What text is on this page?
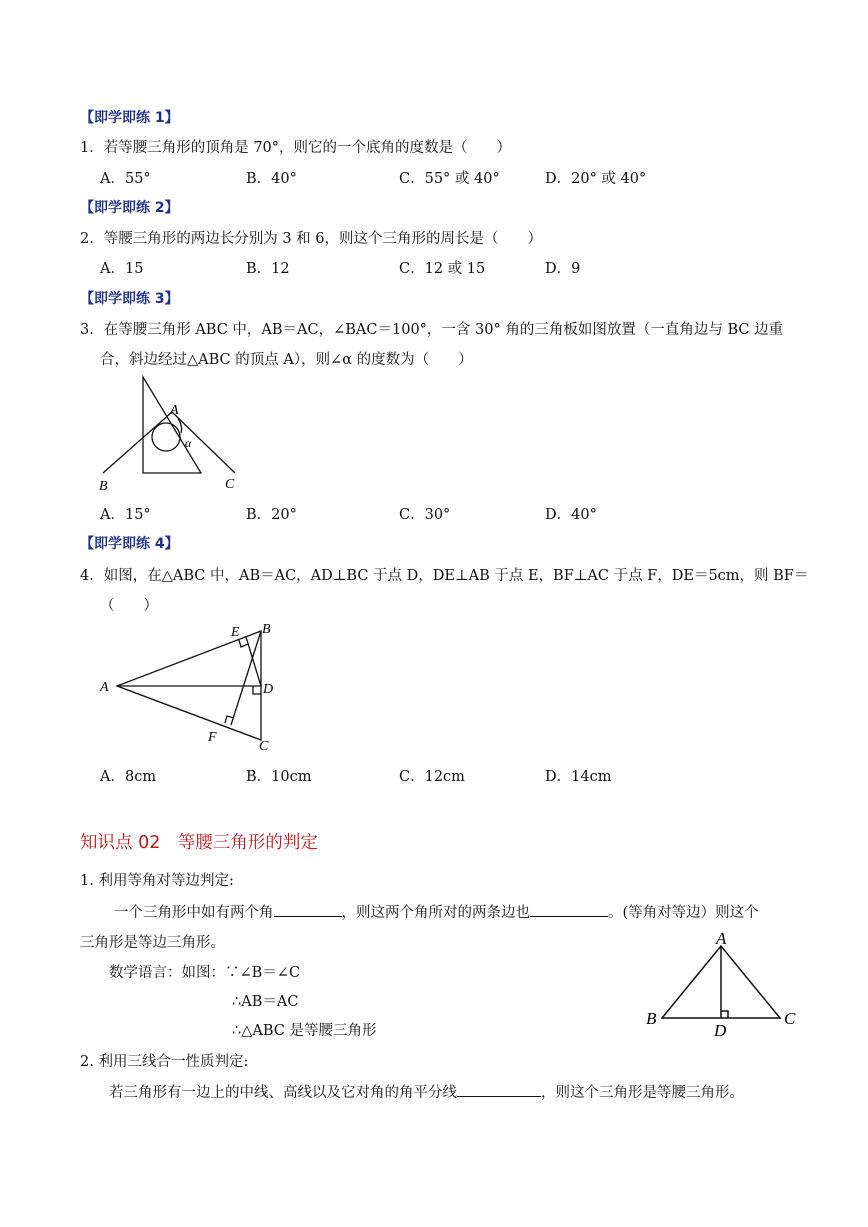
【即学即练 1】
1．若等腰三角形的顶角是 70°，则它的一个底角的度数是（　　）
A．55°	B．40°	C．55° 或 40°	D．20° 或 40°
【即学即练 2】
2．等腰三角形的两边长分别为 3 和 6，则这个三角形的周长是（　　）
A．15	B．12	C．12 或 15	D．9
【即学即练 3】
3．在等腰三角形 ABC 中，AB＝AC，∠BAC＝100°，一含 30° 角的三角板如图放置（一直角边与 BC 边重
合，斜边经过△ABC 的顶点 A），则∠α 的度数为（　　）
A
α
B	C
A．15°	B．20°	C．30°	D．40°
【即学即练 4】
4．如图，在△ABC 中，AB＝AC，AD⊥BC 于点 D，DE⊥AB 于点 E，BF⊥AC 于点 F，DE＝5cm，则 BF＝
（　　）
E B
A	D
F
C
A．8cm	B．10cm	C．12cm	D．14cm
知识点 02　等腰三角形的判定
1. 利用等角对等边判定:
一个三角形中如有两个角	，则这两个角所对的两条边也	。(等角对等边）则这个
三角形是等边三角形。
数学语言：如图：∵∠B＝∠C
∴AB＝AC
∴△ABC 是等腰三角形
A
B	C
D
2. 利用三线合一性质判定:
若三角形有一边上的中线、高线以及它对角的角平分线	，则这个三角形是等腰三角形。
